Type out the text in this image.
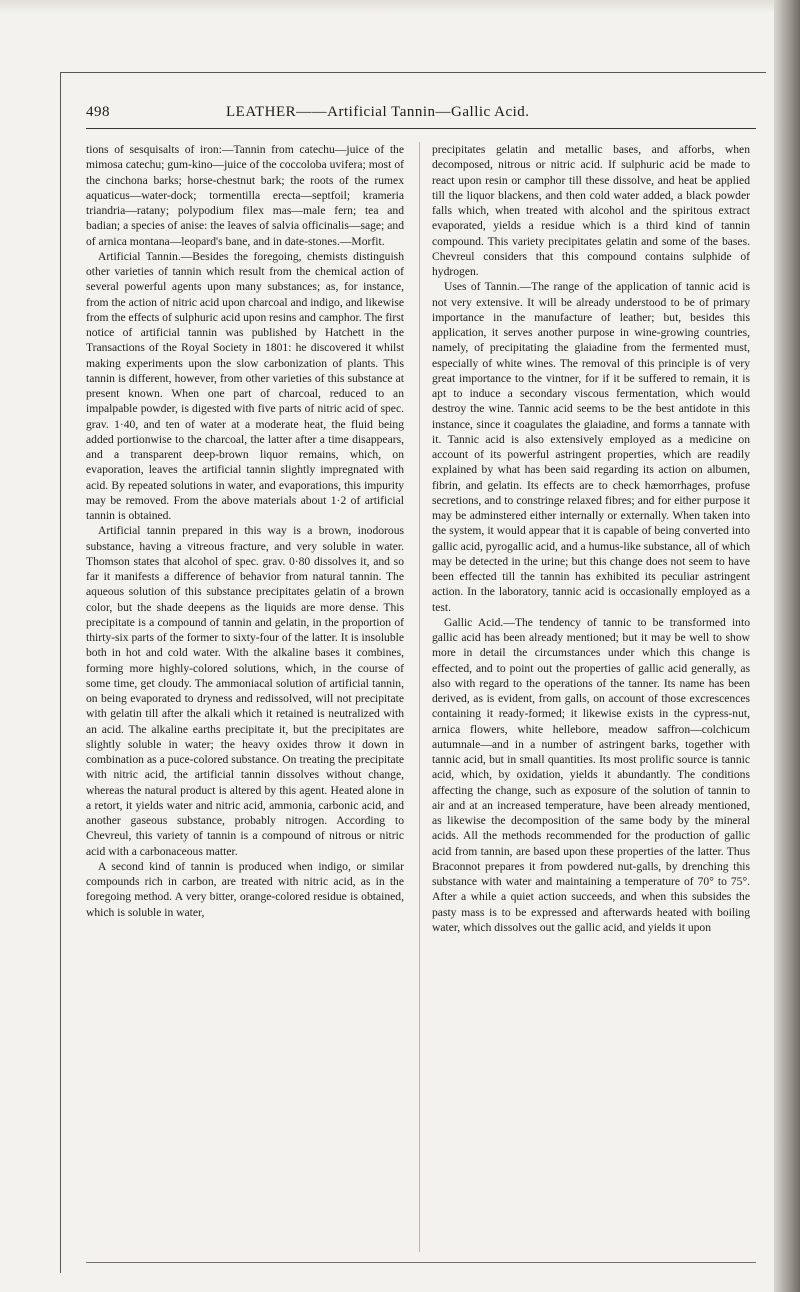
498	LEATHER——Artificial Tannin—Gallic Acid.

tions of sesquisalts of iron:—Tannin from catechu—juice of the mimosa catechu; gum-kino—juice of the coccoloba uvifera; most of the cinchona barks; horse-chestnut bark; the roots of the rumex aquaticus—water-dock; tormentilla erecta—septfoil; krameria triandria—ratany; polypodium filex mas—male fern; tea and badian; a species of anise: the leaves of salvia officinalis—sage; and of arnica montana—leopard's bane, and in date-stones.—Morfit.

Artificial Tannin.—Besides the foregoing, chemists distinguish other varieties of tannin which result from the chemical action of several powerful agents upon many substances; as, for instance, from the action of nitric acid upon charcoal and indigo, and likewise from the effects of sulphuric acid upon resins and camphor. The first notice of artificial tannin was published by Hatchett in the Transactions of the Royal Society in 1801: he discovered it whilst making experiments upon the slow carbonization of plants. This tannin is different, however, from other varieties of this substance at present known. When one part of charcoal, reduced to an impalpable powder, is digested with five parts of nitric acid of spec. grav. 1·40, and ten of water at a moderate heat, the fluid being added portionwise to the charcoal, the latter after a time disappears, and a transparent deep-brown liquor remains, which, on evaporation, leaves the artificial tannin slightly impregnated with acid. By repeated solutions in water, and evaporations, this impurity may be removed. From the above materials about 1·2 of artificial tannin is obtained.

Artificial tannin prepared in this way is a brown, inodorous substance, having a vitreous fracture, and very soluble in water. Thomson states that alcohol of spec. grav. 0·80 dissolves it, and so far it manifests a difference of behavior from natural tannin. The aqueous solution of this substance precipitates gelatin of a brown color, but the shade deepens as the liquids are more dense. This precipitate is a compound of tannin and gelatin, in the proportion of thirty-six parts of the former to sixty-four of the latter. It is insoluble both in hot and cold water. With the alkaline bases it combines, forming more highly-colored solutions, which, in the course of some time, get cloudy. The ammoniacal solution of artificial tannin, on being evaporated to dryness and redissolved, will not precipitate with gelatin till after the alkali which it retained is neutralized with an acid. The alkaline earths precipitate it, but the precipitates are slightly soluble in water; the heavy oxides throw it down in combination as a puce-colored substance. On treating the precipitate with nitric acid, the artificial tannin dissolves without change, whereas the natural product is altered by this agent. Heated alone in a retort, it yields water and nitric acid, ammonia, carbonic acid, and another gaseous substance, probably nitrogen. According to Chevreul, this variety of tannin is a compound of nitrous or nitric acid with a carbonaceous matter.

A second kind of tannin is produced when indigo, or similar compounds rich in carbon, are treated with nitric acid, as in the foregoing method. A very bitter, orange-colored residue is obtained, which is soluble in water,

precipitates gelatin and metallic bases, and afforbs, when decomposed, nitrous or nitric acid. If sulphuric acid be made to react upon resin or camphor till these dissolve, and heat be applied till the liquor blackens, and then cold water added, a black powder falls which, when treated with alcohol and the spiritous extract evaporated, yields a residue which is a third kind of tannin compound. This variety precipitates gelatin and some of the bases. Chevreul considers that this compound contains sulphide of hydrogen.

Uses of Tannin.—The range of the application of tannic acid is not very extensive. It will be already understood to be of primary importance in the manufacture of leather; but, besides this application, it serves another purpose in wine-growing countries, namely, of precipitating the glaiadine from the fermented must, especially of white wines. The removal of this principle is of very great importance to the vintner, for if it be suffered to remain, it is apt to induce a secondary viscous fermentation, which would destroy the wine. Tannic acid seems to be the best antidote in this instance, since it coagulates the glaiadine, and forms a tannate with it. Tannic acid is also extensively employed as a medicine on account of its powerful astringent properties, which are readily explained by what has been said regarding its action on albumen, fibrin, and gelatin. Its effects are to check hæmorrhages, profuse secretions, and to constringe relaxed fibres; and for either purpose it may be adminstered either internally or externally. When taken into the system, it would appear that it is capable of being converted into gallic acid, pyrogallic acid, and a humus-like substance, all of which may be detected in the urine; but this change does not seem to have been effected till the tannin has exhibited its peculiar astringent action. In the laboratory, tannic acid is occasionally employed as a test.

Gallic Acid.—The tendency of tannic to be transformed into gallic acid has been already mentioned; but it may be well to show more in detail the circumstances under which this change is effected, and to point out the properties of gallic acid generally, as also with regard to the operations of the tanner. Its name has been derived, as is evident, from galls, on account of those excrescences containing it ready-formed; it likewise exists in the cypress-nut, arnica flowers, white hellebore, meadow saffron—colchicum autumnale—and in a number of astringent barks, together with tannic acid, but in small quantities. Its most prolific source is tannic acid, which, by oxidation, yields it abundantly. The conditions affecting the change, such as exposure of the solution of tannin to air and at an increased temperature, have been already mentioned, as likewise the decomposition of the same body by the mineral acids. All the methods recommended for the production of gallic acid from tannin, are based upon these properties of the latter. Thus Braconnot prepares it from powdered nut-galls, by drenching this substance with water and maintaining a temperature of 70° to 75°. After a while a quiet action succeeds, and when this subsides the pasty mass is to be expressed and afterwards heated with boiling water, which dissolves out the gallic acid, and yields it upon
